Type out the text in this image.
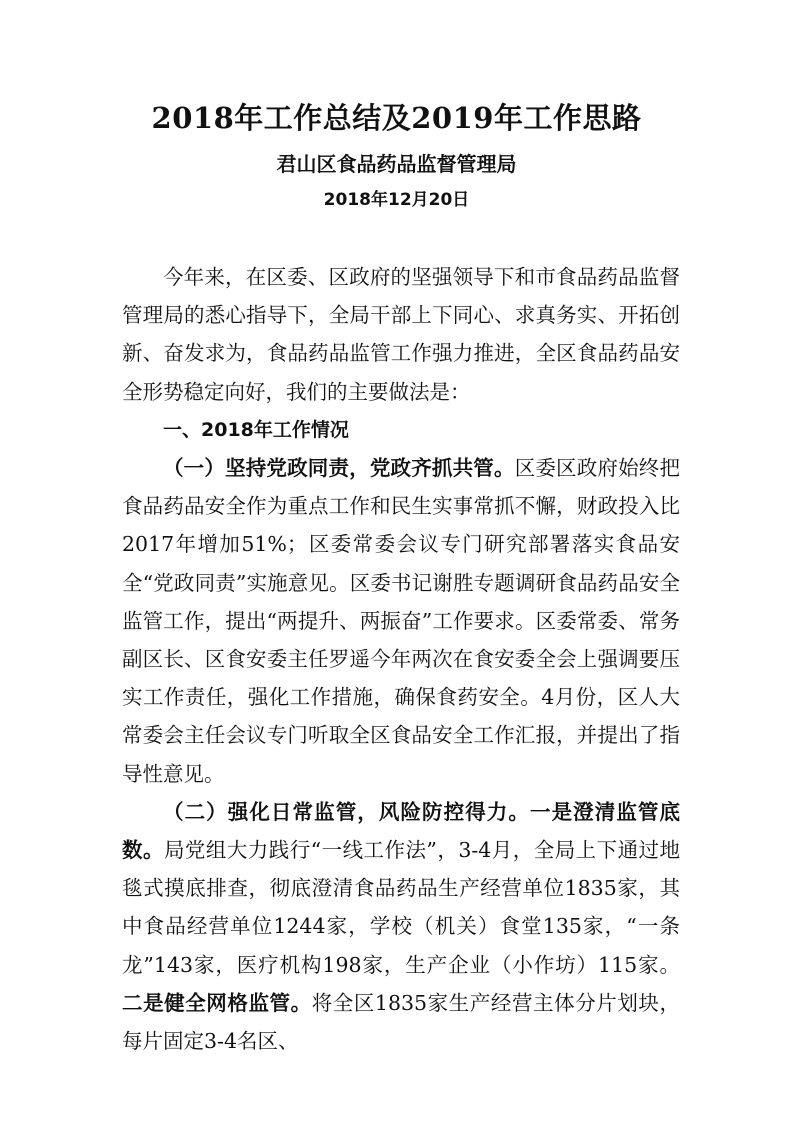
2018年工作总结及2019年工作思路
君山区食品药品监督管理局
2018年12月20日

今年来，在区委、区政府的坚强领导下和市食品药品监督管理局的悉心指导下，全局干部上下同心、求真务实、开拓创新、奋发求为，食品药品监管工作强力推进，全区食品药品安全形势稳定向好，我们的主要做法是：

一、2018年工作情况

（一）坚持党政同责，党政齐抓共管。区委区政府始终把食品药品安全作为重点工作和民生实事常抓不懈，财政投入比2017年增加51%；区委常委会议专门研究部署落实食品安全“党政同责”实施意见。区委书记谢胜专题调研食品药品安全监管工作，提出“两提升、两振奋”工作要求。区委常委、常务副区长、区食安委主任罗遥今年两次在食安委全会上强调要压实工作责任，强化工作措施，确保食药安全。4月份，区人大常委会主任会议专门听取全区食品安全工作汇报，并提出了指导性意见。

（二）强化日常监管，风险防控得力。一是澄清监管底数。局党组大力践行“一线工作法”，3-4月，全局上下通过地毯式摸底排查，彻底澄清食品药品生产经营单位1835家，其中食品经营单位1244家，学校（机关）食堂135家，“一条龙”143家，医疗机构198家，生产企业（小作坊）115家。二是健全网格监管。将全区1835家生产经营主体分片划块，每片固定3-4名区、
